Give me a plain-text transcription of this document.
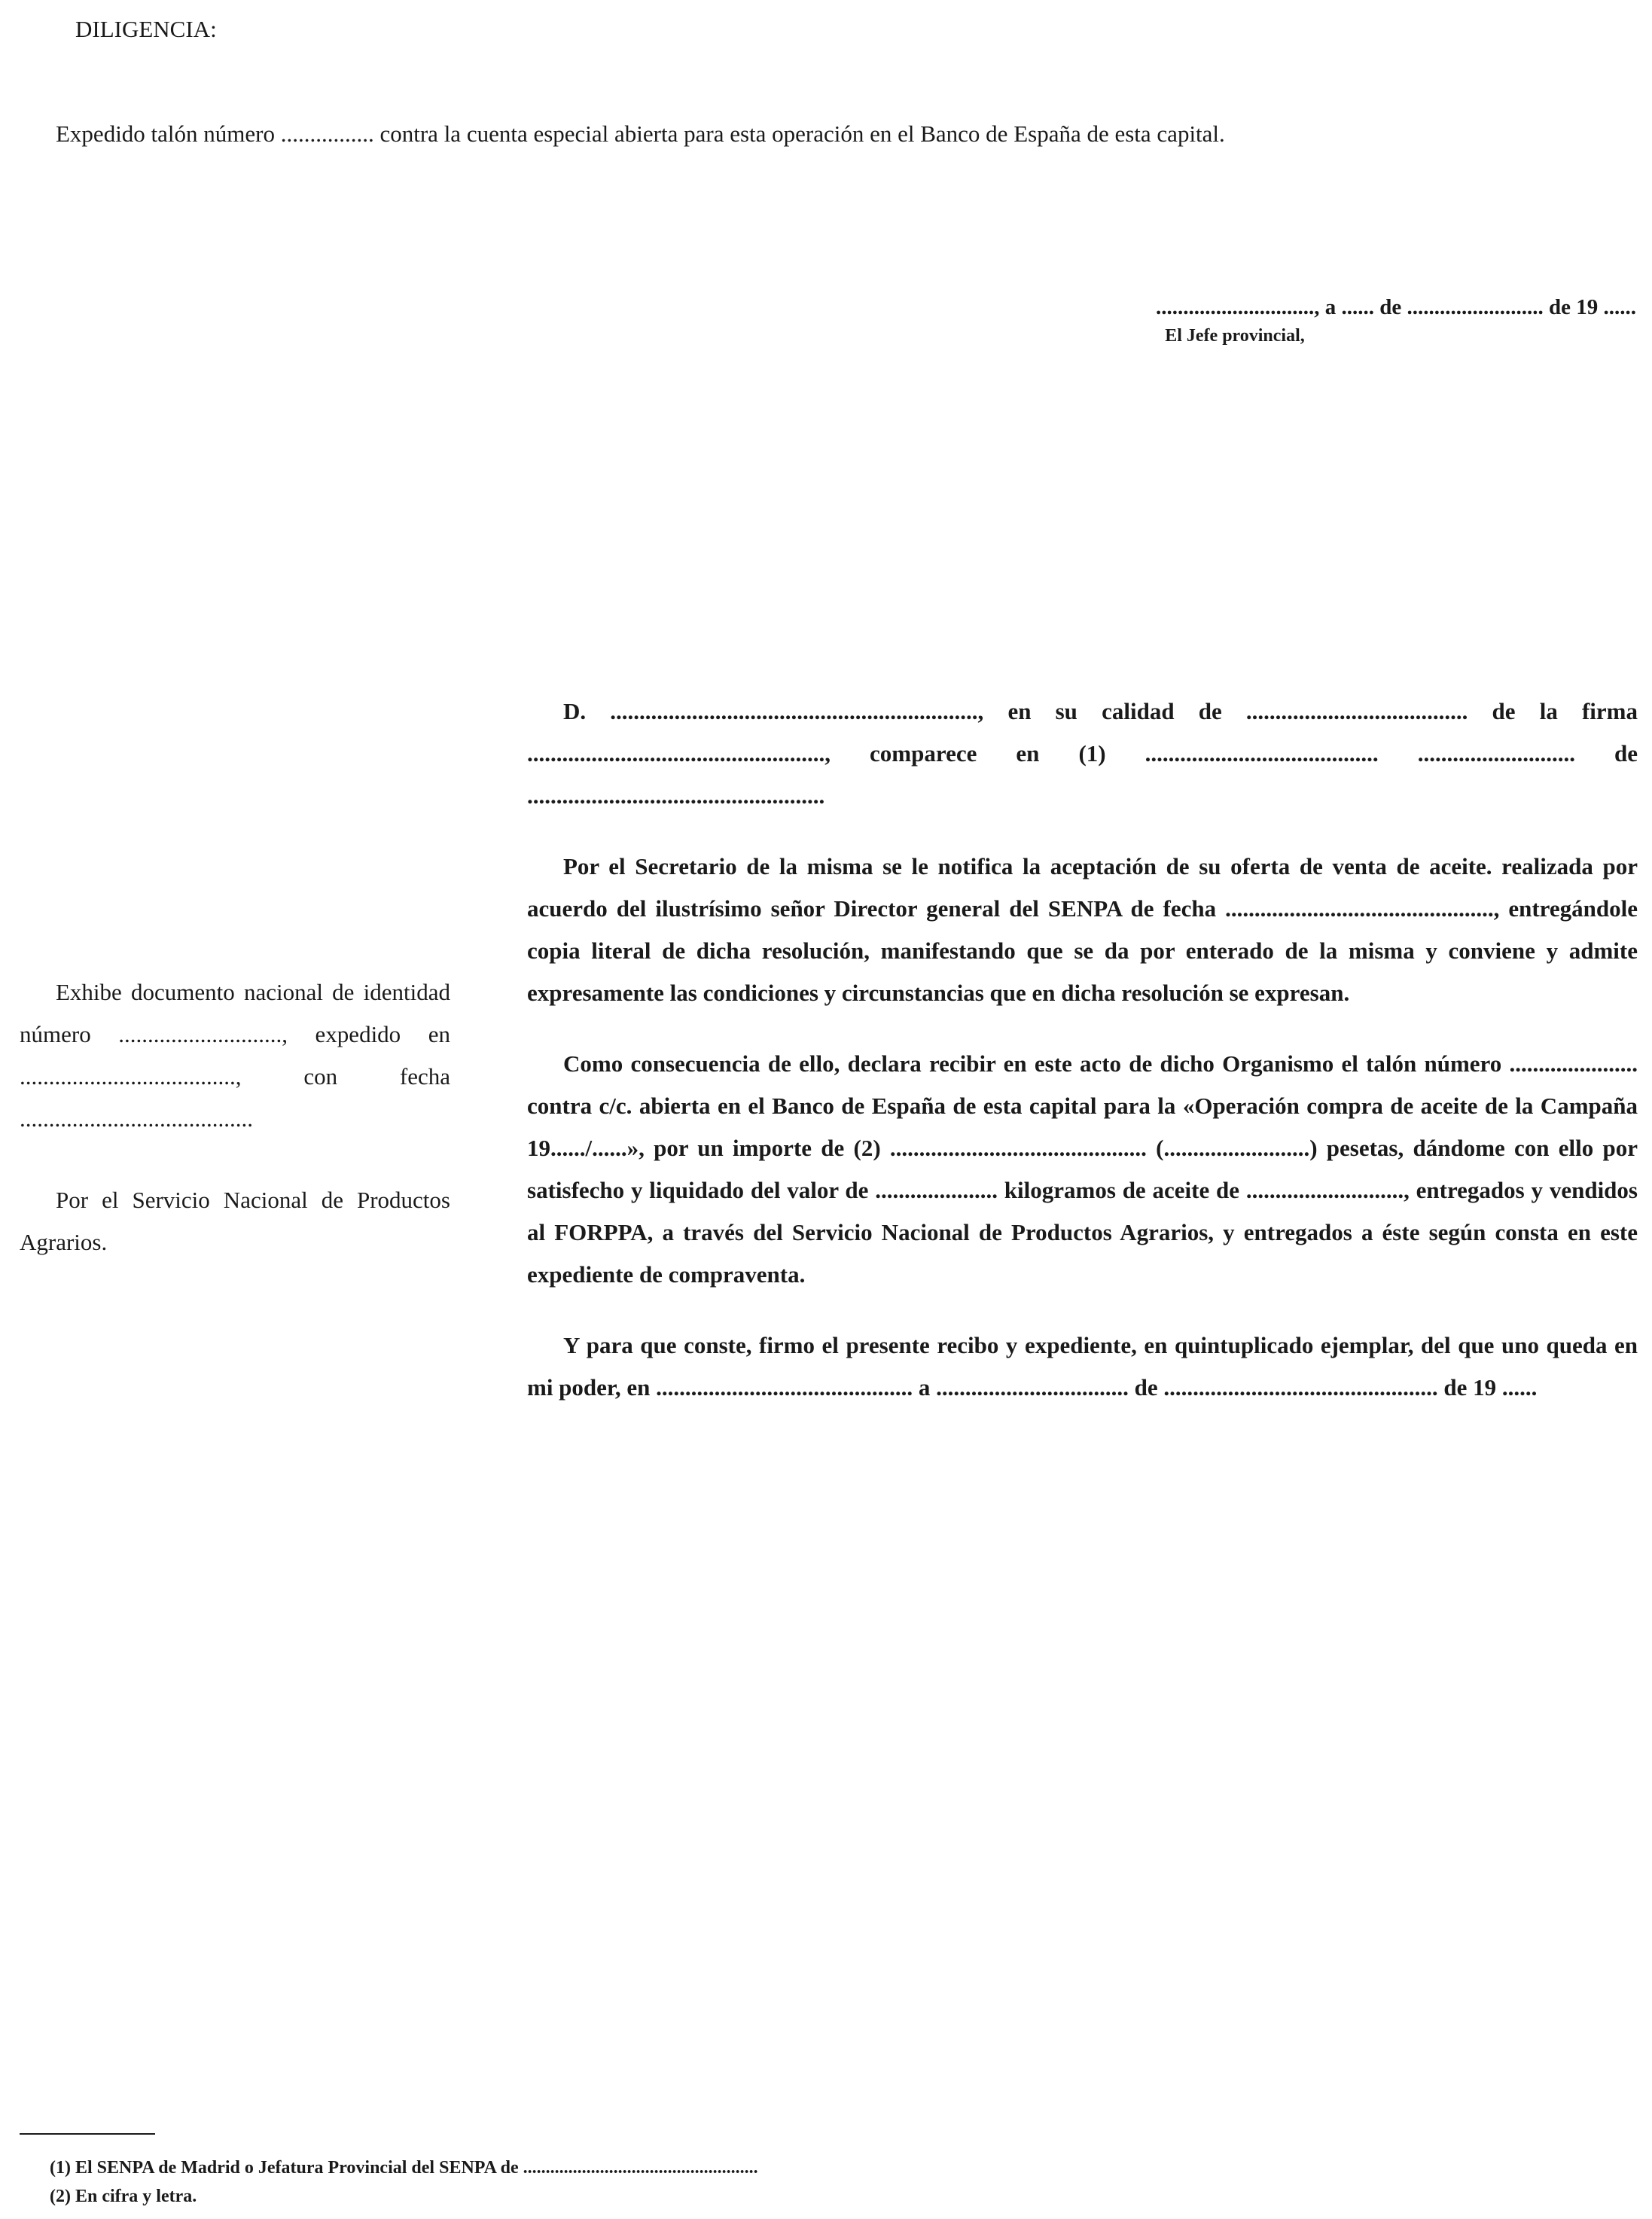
DILIGENCIA:

Expedido talón número ................ contra la cuenta especial abierta para esta operación en el Banco de España de esta capital.

............................., a ...... de ......................... de 19 ......
El Jefe provincial,

D. ..............................................................., en su calidad de ...................................... de la firma ..................................................., comparece en (1) ........................................ ........................... de ...................................................

Por el Secretario de la misma se le notifica la aceptación de su oferta de venta de aceite. realizada por acuerdo del ilustrísimo señor Director general del SENPA de fecha .............................................., entregándole copia literal de dicha resolución, manifestando que se da por enterado de la misma y conviene y admite expresamente las condiciones y circunstancias que en dicha resolución se expresan.

Como consecuencia de ello, declara recibir en este acto de dicho Organismo el talón número ...................... contra c/c. abierta en el Banco de España de esta capital para la «Operación compra de aceite de la Campaña 19....../......», por un importe de (2) ............................................ (.........................) pesetas, dándome con ello por satisfecho y liquidado del valor de ..................... kilogramos de aceite de ..........................., entregados y vendidos al FORPPA, a través del Servicio Nacional de Productos Agrarios, y entregados a éste según consta en este expediente de compraventa.

Y para que conste, firmo el presente recibo y expediente, en quintuplicado ejemplar, del que uno queda en mi poder, en ............................................ a ................................. de ............................................... de 19 ......

Exhibe documento nacional de identidad número ............................, expedido en ....................................., con fecha ........................................

Por el Servicio Nacional de Productos Agrarios.

(1) El SENPA de Madrid o Jefatura Provincial del SENPA de ....................................................
(2) En cifra y letra.
